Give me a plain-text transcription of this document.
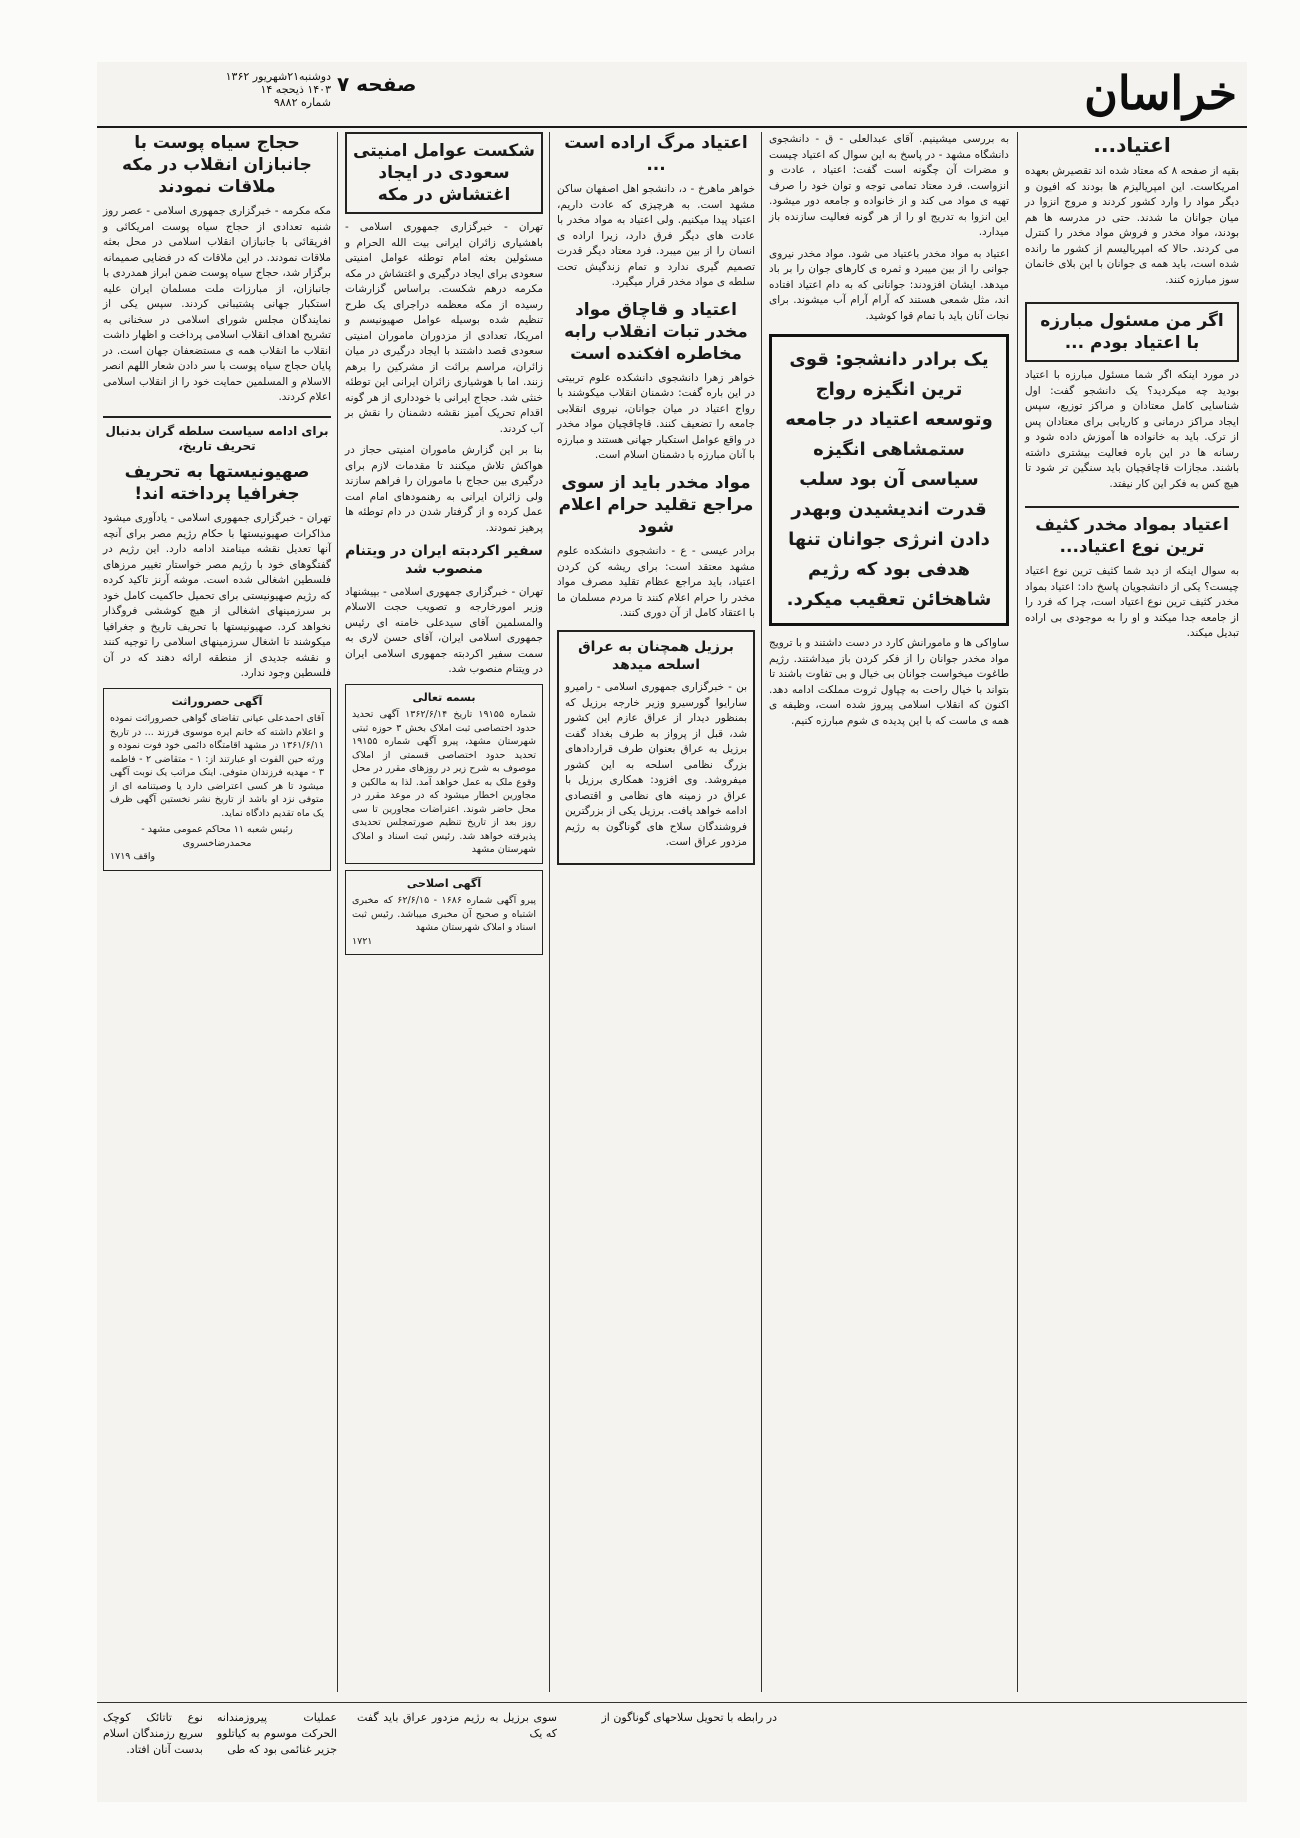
خراسان
صفحه ۷
دوشنبه۲۱شهریور ۱۳۶۲
۱۴۰۳ ذیحجه ۱۴
شماره ۹۸۸۲
اعتیاد...

بقیه از صفحه ۸ که معتاد شده اند تقصیرش بعهده امریکاست. این امپریالیزم ها بودند که افیون و دیگر مواد را وارد کشور کردند و مروج انزوا در میان جوانان ما شدند. حتی در مدرسه ها هم بودند، مواد مخدر و فروش مواد مخدر را کنترل می کردند. حالا که امپریالیسم از کشور ما رانده شده است، باید همه ی جوانان با این بلای خانمان سوز مبارزه کنند.

اگر من مسئول مبارزه با اعتیاد بودم ...

در مورد اینکه اگر شما مسئول مبارزه با اعتیاد بودید چه میکردید؟ یک دانشجو گفت: اول شناسایی کامل معتادان و مراکز توزیع، سپس ایجاد مراکز درمانی و کاریابی برای معتادان پس از ترک. باید به خانواده ها آموزش داده شود و رسانه ها در این باره فعالیت بیشتری داشته باشند. مجازات قاچاقچیان باید سنگین تر شود تا هیچ کس به فکر این کار نیفتد.

اعتیاد بمواد مخدر کثیف ترین نوع اعتیاد...

به سوال اینکه از دید شما کثیف ترین نوع اعتیاد چیست؟ یکی از دانشجویان پاسخ داد: اعتیاد بمواد مخدر کثیف ترین نوع اعتیاد است، چرا که فرد را از جامعه جدا میکند و او را به موجودی بی اراده تبدیل میکند.

به بررسی میشینیم. آقای عبدالعلی - ق - دانشجوی دانشگاه مشهد - در پاسخ به این سوال که اعتیاد چیست و مضرات آن چگونه است گفت: اعتیاد ، عادت و انزواست. فرد معتاد تمامی توجه و توان خود را صرف تهیه ی مواد می کند و از خانواده و جامعه دور میشود. این انزوا به تدریج او را از هر گونه فعالیت سازنده باز میدارد.

اعتیاد به مواد مخدر باعتیاد می شود. مواد مخدر نیروی جوانی را از بین میبرد و ثمره ی کارهای جوان را بر باد میدهد. ایشان افزودند: جوانانی که به دام اعتیاد افتاده اند، مثل شمعی هستند که آرام آرام آب میشوند. برای نجات آنان باید با تمام قوا کوشید.

یک برادر دانشجو: قوی ترین انگیزه رواج وتوسعه اعتیاد در جامعه ستمشاهی انگیزه سیاسی آن بود سلب قدرت اندیشیدن وبهدر دادن انرژی جوانان تنها هدفی بود که رژیم شاهخائن تعقیب میکرد.

ساواکی ها و مامورانش کارد در دست داشتند و با ترویج مواد مخدر جوانان را از فکر کردن باز میداشتند. رژیم طاغوت میخواست جوانان بی خیال و بی تفاوت باشند تا بتواند با خیال راحت به چپاول ثروت مملکت ادامه دهد. اکنون که انقلاب اسلامی پیروز شده است، وظیفه ی همه ی ماست که با این پدیده ی شوم مبارزه کنیم.

اعتیاد مرگ اراده است ...

خواهر ماهرخ - د، دانشجو اهل اصفهان ساکن مشهد است. به هرچیزی که عادت داریم، اعتیاد پیدا میکنیم. ولی اعتیاد به مواد مخدر با عادت های دیگر فرق دارد، زیرا اراده ی انسان را از بین میبرد. فرد معتاد دیگر قدرت تصمیم گیری ندارد و تمام زندگیش تحت سلطه ی مواد مخدر قرار میگیرد.

اعتیاد و قاچاق مواد مخدر تبات انقلاب رابه مخاطره افکنده است

خواهر زهرا دانشجوی دانشکده علوم تربیتی در این باره گفت: دشمنان انقلاب میکوشند با رواج اعتیاد در میان جوانان، نیروی انقلابی جامعه را تضعیف کنند. قاچاقچیان مواد مخدر در واقع عوامل استکبار جهانی هستند و مبارزه با آنان مبارزه با دشمنان اسلام است.

مواد مخدر باید از سوی مراجع تقلید حرام اعلام شود

برادر عیسی - ع - دانشجوی دانشکده علوم مشهد معتقد است: برای ریشه کن کردن اعتیاد، باید مراجع عظام تقلید مصرف مواد مخدر را حرام اعلام کنند تا مردم مسلمان ما با اعتقاد کامل از آن دوری کنند.

برزیل همچنان به عراق اسلحه میدهد

بن - خبرگزاری جمهوری اسلامی - رامیرو سارایوا گورسیرو وزیر خارجه برزیل که بمنظور دیدار از عراق عازم این کشور شد، قبل از پرواز به طرف بغداد گفت برزیل به عراق بعنوان طرف قراردادهای بزرگ نظامی اسلحه به این کشور میفروشد. وی افزود: همکاری برزیل با عراق در زمینه های نظامی و اقتصادی ادامه خواهد یافت. برزیل یکی از بزرگترین فروشندگان سلاح های گوناگون به رژیم مزدور عراق است.

شکست عوامل امنیتی سعودی در ایجاد اغتشاش در مکه

تهران - خبرگزاری جمهوری اسلامی - باهشیاری زائران ایرانی بیت الله الحرام و مسئولین بعثه امام توطئه عوامل امنیتی سعودی برای ایجاد درگیری و اغتشاش در مکه مکرمه درهم شکست. براساس گزارشات رسیده از مکه معظمه دراجرای یک طرح تنظیم شده بوسیله عوامل صهیونیسم و امریکا، تعدادی از مزدوران ماموران امنیتی سعودی قصد داشتند با ایجاد درگیری در میان زائران، مراسم برائت از مشرکین را برهم زنند. اما با هوشیاری زائران ایرانی این توطئه خنثی شد. حجاج ایرانی با خودداری از هر گونه اقدام تحریک آمیز نقشه دشمنان را نقش بر آب کردند.

بنا بر این گزارش ماموران امنیتی حجاز در هواکش تلاش میکنند تا مقدمات لازم برای درگیری بین حجاج با ماموران را فراهم سازند ولی زائران ایرانی به رهنمودهای امام امت عمل کرده و از گرفتار شدن در دام توطئه ها پرهیز نمودند.

سفیر اکردبته ایران در ویتنام منصوب شد

تهران - خبرگزاری جمهوری اسلامی - بپیشنهاد وزیر امورخارجه و تصویب حجت الاسلام والمسلمین آقای سیدعلی خامنه ای رئیس جمهوری اسلامی ایران، آقای حسن لاری به سمت سفیر اکردبته جمهوری اسلامی ایران در ویتنام منصوب شد.

بسمه تعالی
شماره ۱۹۱۵۵ تاریخ ۱۳۶۲/۶/۱۴ آگهی تحدید حدود اختصاصی ثبت املاک بخش ۳ حوزه ثبتی شهرستان مشهد، پیرو آگهی شماره ۱۹۱۵۵ تحدید حدود اختصاصی قسمتی از املاک موصوف به شرح زیر در روزهای مقرر در محل وقوع ملک به عمل خواهد آمد. لذا به مالکین و مجاورین اخطار میشود که در موعد مقرر در محل حاضر شوند. اعتراضات مجاورین تا سی روز بعد از تاریخ تنظیم صورتمجلس تحدیدی پذیرفته خواهد شد. رئیس ثبت اسناد و املاک شهرستان مشهد
آگهی اصلاحی
پیرو آگهی شماره ۱۶۸۶ - ۶۲/۶/۱۵ که مخبری اشتباه و صحیح آن مخبری میباشد. رئیس ثبت اسناد و املاک شهرستان مشهد
۱۷۲۱
حجاج سیاه پوست با جانبازان انقلاب در مکه ملاقات نمودند

مکه مکرمه - خبرگزاری جمهوری اسلامی - عصر روز شنبه تعدادی از حجاج سیاه پوست امریکائی و افریقائی با جانبازان انقلاب اسلامی در محل بعثه ملاقات نمودند. در این ملاقات که در فضایی صمیمانه برگزار شد، حجاج سیاه پوست ضمن ابراز همدردی با جانبازان، از مبارزات ملت مسلمان ایران علیه استکبار جهانی پشتیبانی کردند. سپس یکی از نمایندگان مجلس شورای اسلامی در سخنانی به تشریح اهداف انقلاب اسلامی پرداخت و اظهار داشت انقلاب ما انقلاب همه ی مستضعفان جهان است. در پایان حجاج سیاه پوست با سر دادن شعار اللهم انصر الاسلام و المسلمین حمایت خود را از انقلاب اسلامی اعلام کردند.

برای ادامه سیاست سلطه گران بدنبال تحریف تاریخ،
صهیونیستها به تحریف جغرافیا پرداخته اند!

تهران - خبرگزاری جمهوری اسلامی - یادآوری میشود مذاکرات صهیونیستها با حکام رژیم مصر برای آنچه آنها تعدیل نقشه مینامند ادامه دارد. این رژیم در گفتگوهای خود با رژیم مصر خواستار تغییر مرزهای فلسطین اشغالی شده است. موشه آرنز تاکید کرده که رژیم صهیونیستی برای تحمیل حاکمیت کامل خود بر سرزمینهای اشغالی از هیچ کوششی فروگذار نخواهد کرد. صهیونیستها با تحریف تاریخ و جغرافیا میکوشند تا اشغال سرزمینهای اسلامی را توجیه کنند و نقشه جدیدی از منطقه ارائه دهند که در آن فلسطین وجود ندارد.

آگهی حصروراثت
آقای احمدعلی عیانی تقاضای گواهی حصروراثت نموده و اعلام داشته که خانم ایره موسوی فرزند ... در تاریخ ۱۳۶۱/۶/۱۱ در مشهد اقامتگاه دائمی خود فوت نموده و ورثه حین الفوت او عبارتند از: ۱ - متقاضی ۲ - فاطمه ۳ - مهدیه فرزندان متوفی. اینک مراتب یک نوبت آگهی میشود تا هر کسی اعتراضی دارد یا وصیتنامه ای از متوفی نزد او باشد از تاریخ نشر نخستین آگهی ظرف یک ماه تقدیم دادگاه نماید.
رئیس شعبه ۱۱ محاکم عمومی مشهد - محمدرضاخسروی
واقف ۱۷۱۹
در رابطه با تحویل سلاحهای گوناگون از
سوی برزیل به رژیم مزدور عراق باید گفت که یک
عملیات پیروزمندانه الحرکت موسوم به کیاتلوو جزیر غنائمی بود که طی
نوع تاتائک کوچک سریع رزمندگان اسلام بدست آنان افتاد.
